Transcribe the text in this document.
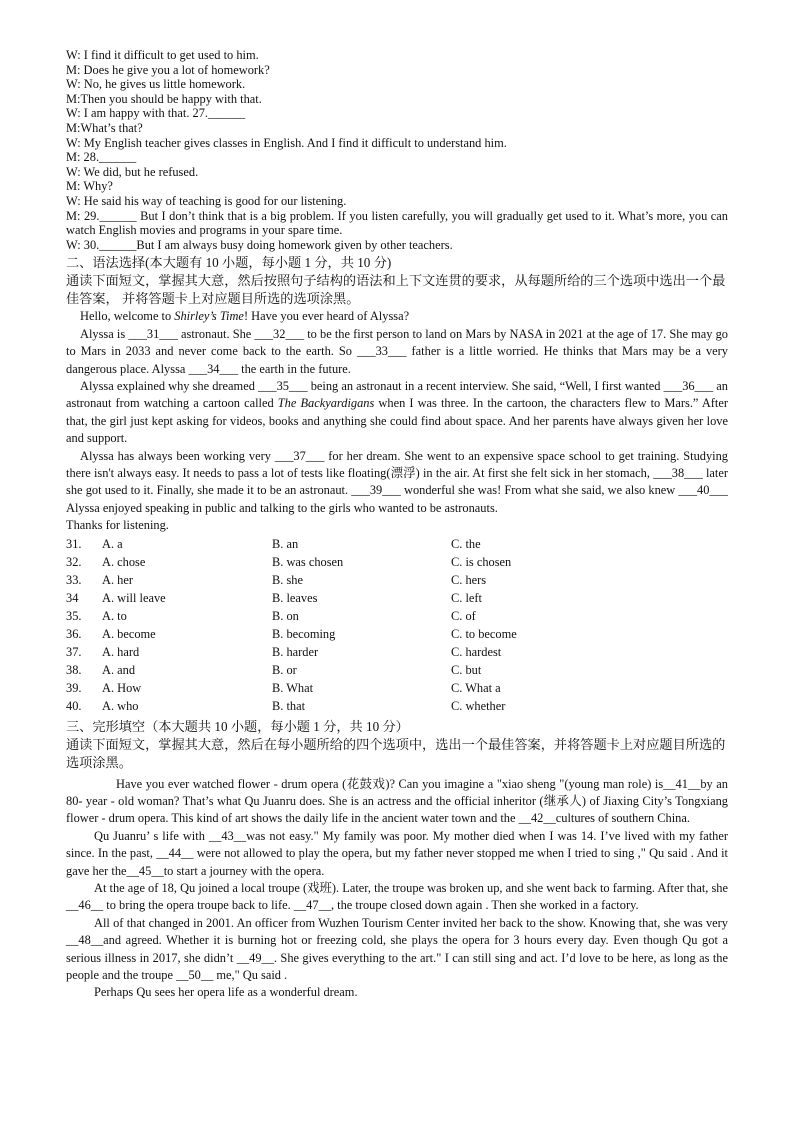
W: I find it difficult to get used to him.
M: Does he give you a lot of homework?
W: No, he gives us little homework.
M:Then you should be happy with that.
W: I am happy with that. 27.______
M:What’s that?
W: My English teacher gives classes in English. And I find it difficult to understand him.
M: 28.______
W: We did, but he refused.
M: Why?
W: He said his way of teaching is good for our listening.
M: 29.______ But I don’t think that is a big problem. If you listen carefully, you will gradually get used to it. What’s more, you can watch English movies and programs in your spare time.
W: 30.______But I am always busy doing homework given by other teachers.
二、语法选择(本大题有 10 小题，每小题 1 分，共 10 分)
通读下面短文，掌握其大意，然后按照句子结构的语法和上下文连贯的要求，从每题所给的三个选项中选出一个最佳答案， 并将答题卡上对应题目所选的选项涂黑。
Hello, welcome to Shirley’s Time! Have you ever heard of Alyssa?
Alyssa is ___31___ astronaut. She ___32___ to be the first person to land on Mars by NASA in 2021 at the age of 17. She may go to Mars in 2033 and never come back to the earth. So ___33___ father is a little worried. He thinks that Mars may be a very dangerous place. Alyssa ___34___ the earth in the future.
Alyssa explained why she dreamed ___35___ being an astronaut in a recent interview. She said, “Well, I first wanted ___36___ an astronaut from watching a cartoon called The Backyardigans when I was three. In the cartoon, the characters flew to Mars.” After that, the girl just kept asking for videos, books and anything she could find about space. And her parents have always given her love and support.
Alyssa has always been working very ___37___ for her dream. She went to an expensive space school to get training. Studying there isn't always easy. It needs to pass a lot of tests like floating(漂浮) in the air. At first she felt sick in her stomach, ___38___ later she got used to it. Finally, she made it to be an astronaut. ___39___ wonderful she was! From what she said, we also knew ___40___ Alyssa enjoyed speaking in public and talking to the girls who wanted to be astronauts.
Thanks for listening.
31.	A. a	B. an	C. the
32.	A. chose	B. was chosen	C. is chosen
33.	A. her	B. she	C. hers
34	A. will leave	B. leaves	C. left
35.	A. to	B. on	C. of
36.	A. become	B. becoming	C. to become
37.	A. hard	B. harder	C. hardest
38.	A. and	B. or	C. but
39.	A. How	B. What	C. What a
40.	A. who	B. that	C. whether
三、完形填空（本大题共 10 小题，每小题 1 分，共 10 分）
通读下面短文，掌握其大意，然后在每小题所给的四个选项中，选出一个最佳答案，并将答题卡上对应题目所选的选项涂黑。
Have you ever watched flower - drum opera (花鼓戏)? Can you imagine a "xiao sheng "(young man role) is__41__by an 80- year - old woman? That’s what Qu Juanru does. She is an actress and the official inheritor (继承人) of Jiaxing City’s Tongxiang flower - drum opera. This kind of art shows the daily life in the ancient water town and the __42__cultures of southern China.
Qu Juanru’ s life with __43__was not easy." My family was poor. My mother died when I was 14. I’ve lived with my father since. In the past, __44__ were not allowed to play the opera, but my father never stopped me when I tried to sing ," Qu said . And it gave her the__45__to start a journey with the opera.
At the age of 18, Qu joined a local troupe (戏班). Later, the troupe was broken up, and she went back to farming. After that, she __46__ to bring the opera troupe back to life. __47__, the troupe closed down again . Then she worked in a factory.
All of that changed in 2001. An officer from Wuzhen Tourism Center invited her back to the show. Knowing that, she was very __48__and agreed. Whether it is burning hot or freezing cold, she plays the opera for 3 hours every day. Even though Qu got a serious illness in 2017, she didn’t __49__. She gives everything to the art." I can still sing and act. I’d love to be here, as long as the people and the troupe __50__ me," Qu said .
Perhaps Qu sees her opera life as a wonderful dream.
